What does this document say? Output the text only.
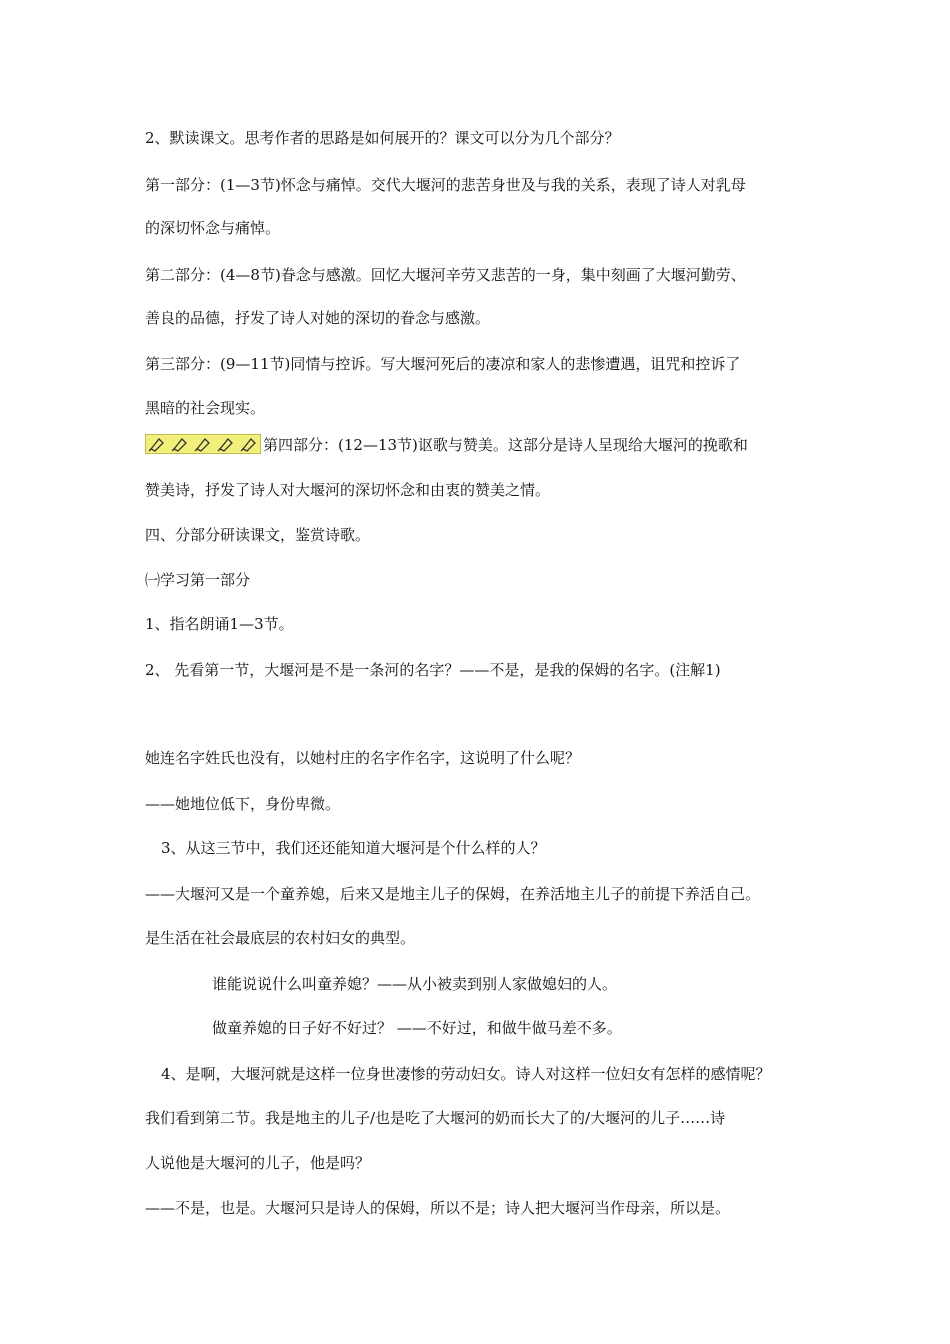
2、默读课文。思考作者的思路是如何展开的？课文可以分为几个部分？
第一部分：(1—3节)怀念与痛悼。交代大堰河的悲苦身世及与我的关系，表现了诗人对乳母
的深切怀念与痛悼。
第二部分：(4—8节)眷念与感激。回忆大堰河辛劳又悲苦的一身，集中刻画了大堰河勤劳、
善良的品德，抒发了诗人对她的深切的眷念与感激。
第三部分：(9—11节)同情与控诉。写大堰河死后的凄凉和家人的悲惨遭遇，诅咒和控诉了
黑暗的社会现实。
第四部分：(12—13节)讴歌与赞美。这部分是诗人呈现给大堰河的挽歌和
赞美诗，抒发了诗人对大堰河的深切怀念和由衷的赞美之情。
四、分部分研读课文，鉴赏诗歌。
㈠学习第一部分
1、指名朗诵1—3节。
2、 先看第一节，大堰河是不是一条河的名字？——不是，是我的保姆的名字。(注解1)
她连名字姓氏也没有，以她村庄的名字作名字，这说明了什么呢？
——她地位低下，身份卑微。
3、从这三节中，我们还还能知道大堰河是个什么样的人？
——大堰河又是一个童养媳，后来又是地主儿子的保姆，在养活地主儿子的前提下养活自己。
是生活在社会最底层的农村妇女的典型。
谁能说说什么叫童养媳？——从小被卖到别人家做媳妇的人。
做童养媳的日子好不好过？ ——不好过，和做牛做马差不多。
4、是啊，大堰河就是这样一位身世凄惨的劳动妇女。诗人对这样一位妇女有怎样的感情呢？
我们看到第二节。我是地主的儿子/也是吃了大堰河的奶而长大了的/大堰河的儿子……诗
人说他是大堰河的儿子，他是吗？
——不是，也是。大堰河只是诗人的保姆，所以不是；诗人把大堰河当作母亲，所以是。
